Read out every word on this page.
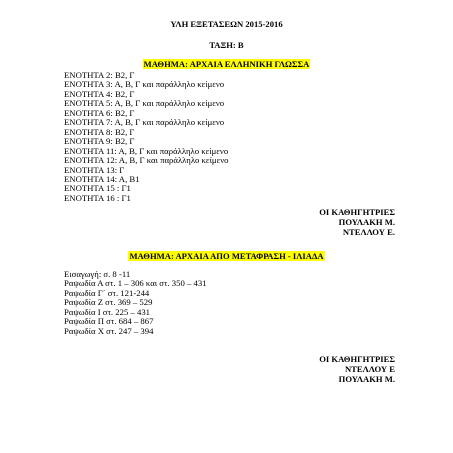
ΥΛΗ ΕΞΕΤΑΣΕΩΝ 2015-2016
ΤΑΞΗ: Β
ΜΑΘΗΜΑ: ΑΡΧΑΙΑ ΕΛΛΗΝΙΚΗ ΓΛΩΣΣΑ
ΕΝΟΤΗΤΑ 2: Β2, Γ
ΕΝΟΤΗΤΑ 3: Α, Β, Γ και παράλληλο κείμενο
ΕΝΟΤΗΤΑ 4: Β2, Γ
ΕΝΟΤΗΤΑ 5: Α, Β, Γ και παράλληλο κείμενο
ΕΝΟΤΗΤΑ 6: Β2, Γ
ΕΝΟΤΗΤΑ 7: Α, Β, Γ και παράλληλο κείμενο
ΕΝΟΤΗΤΑ 8: Β2, Γ
ΕΝΟΤΗΤΑ 9: Β2, Γ
ΕΝΟΤΗΤΑ 11: Α, Β, Γ και παράλληλο κείμενο
ΕΝΟΤΗΤΑ 12: Α, Β, Γ και παράλληλο κείμενο
ΕΝΟΤΗΤΑ 13: Γ
ΕΝΟΤΗΤΑ 14: Α, Β1
ΕΝΟΤΗΤΑ 15 : Γ1
ΕΝΟΤΗΤΑ 16 : Γ1
ΟΙ ΚΑΘΗΓΗΤΡΙΕΣ
ΠΟΥΛΑΚΗ Μ.
ΝΤΕΛΛΟΥ Ε.
ΜΑΘΗΜΑ: ΑΡΧΑΙΑ ΑΠΟ ΜΕΤΑΦΡΑΣΗ - ΙΛΙΑΔΑ
Εισαγωγή: σ. 8 -11
Ραψωδία Α στ. 1 – 306 και στ. 350 – 431
Ραψωδία Γ΄ στ. 121-244
Ραψωδία Ζ στ. 369 – 529
Ραψωδία Ι στ. 225 – 431
Ραψωδία Π στ. 684 – 867
Ραψωδία Χ στ. 247 – 394
ΟΙ ΚΑΘΗΓΗΤΡΙΕΣ
ΝΤΕΛΛΟΥ Ε
ΠΟΥΛΑΚΗ Μ.
